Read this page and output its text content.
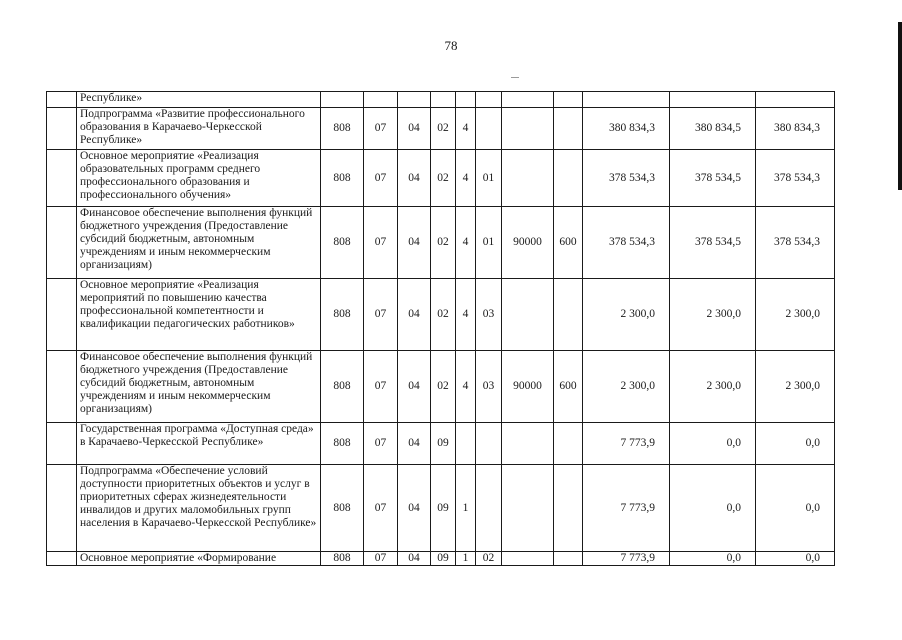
78
	Республике»											
	Подпрограмма «Развитие профессионального образования в Карачаево-Черкесской Республике»	808	07	04	02	4				380 834,3	380 834,5	380 834,3
	Основное мероприятие «Реализация образовательных программ среднего профессионального образования и профессионального обучения»	808	07	04	02	4	01			378 534,3	378 534,5	378 534,3
	Финансовое обеспечение выполнения функций бюджетного учреждения (Предоставление субсидий бюджетным, автономным учреждениям и иным некоммерческим организациям)	808	07	04	02	4	01	90000	600	378 534,3	378 534,5	378 534,3
	Основное мероприятие «Реализация мероприятий по повышению качества профессиональной компетентности и квалификации педагогических работников»	808	07	04	02	4	03			2 300,0	2 300,0	2 300,0
	Финансовое обеспечение выполнения функций бюджетного учреждения (Предоставление субсидий бюджетным, автономным учреждениям и иным некоммерческим организациям)	808	07	04	02	4	03	90000	600	2 300,0	2 300,0	2 300,0
	Государственная программа «Доступная среда» в Карачаево-Черкесской Республике»	808	07	04	09					7 773,9	0,0	0,0
	Подпрограмма «Обеспечение условий доступности приоритетных объектов и услуг в приоритетных сферах жизнедеятельности инвалидов и других маломобильных групп населения в Карачаево-Черкесской Республике»	808	07	04	09	1				7 773,9	0,0	0,0
	Основное мероприятие «Формирование	808	07	04	09	1	02			7 773,9	0,0	0,0
